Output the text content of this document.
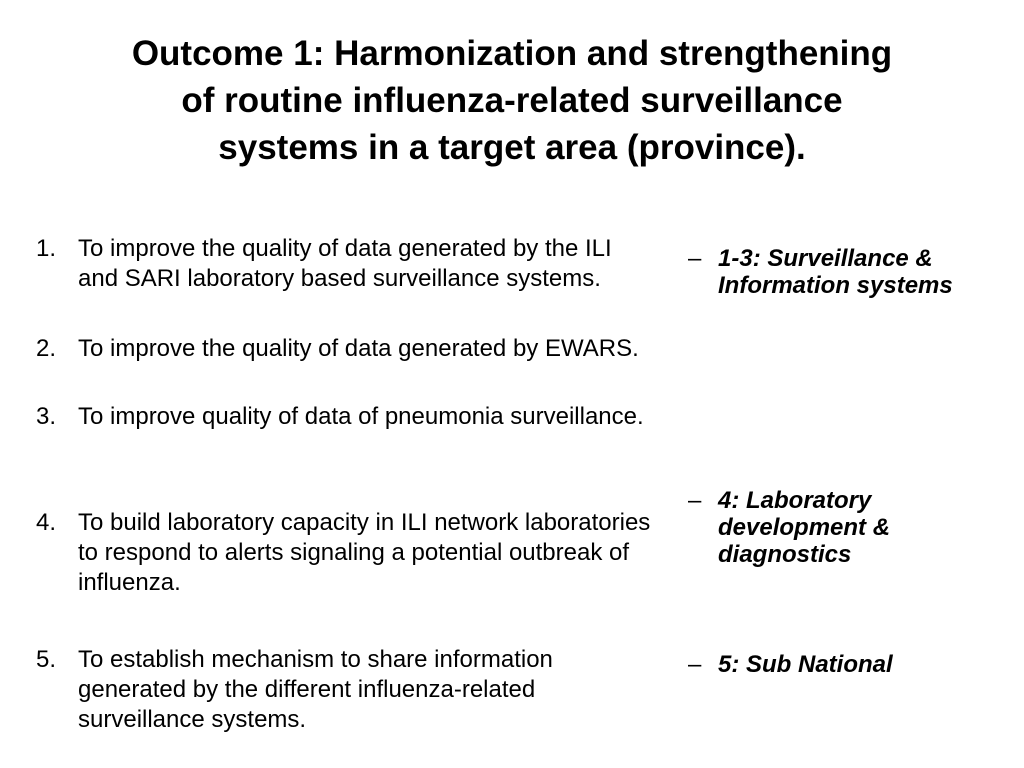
Outcome 1: Harmonization and strengthening
of routine influenza-related surveillance
systems in a target area (province).
1. To improve the quality of data generated by the ILI and SARI laboratory based surveillance systems.
2. To improve the quality of data generated by EWARS.
3. To improve quality of data of pneumonia surveillance.
4. To build laboratory capacity in ILI network laboratories to respond to alerts signaling a potential outbreak of influenza.
5. To establish mechanism to share information generated by the different influenza-related surveillance systems.
– 1-3: Surveillance & Information systems
– 4: Laboratory development & diagnostics
– 5: Sub National
